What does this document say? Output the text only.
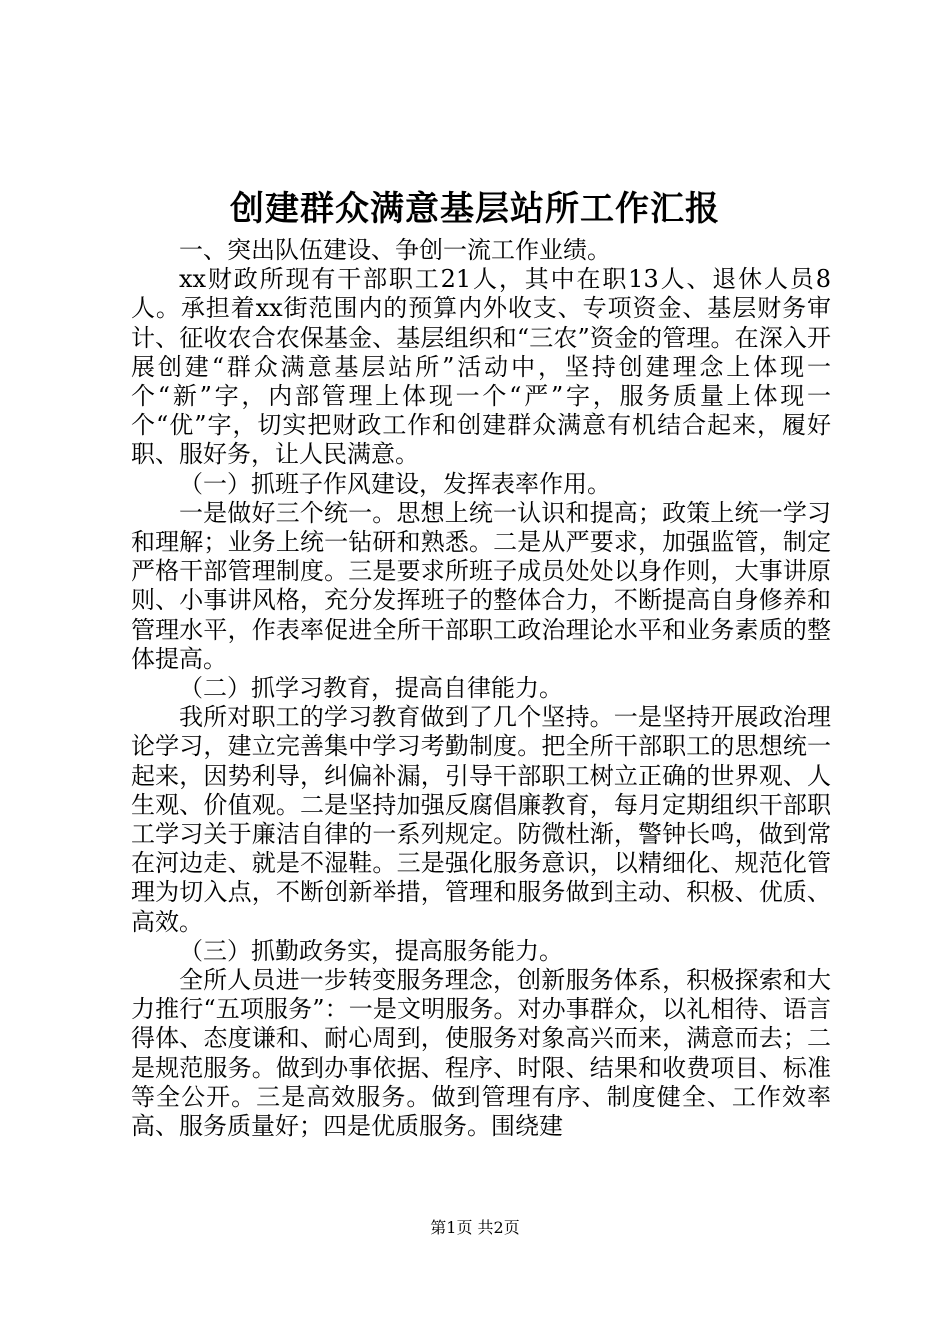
创建群众满意基层站所工作汇报

一、突出队伍建设、争创一流工作业绩。

xx财政所现有干部职工21人，其中在职13人、退休人员8人。承担着xx街范围内的预算内外收支、专项资金、基层财务审计、征收农合农保基金、基层组织和“三农”资金的管理。在深入开展创建“群众满意基层站所”活动中，坚持创建理念上体现一个“新”字，内部管理上体现一个“严”字，服务质量上体现一个“优”字，切实把财政工作和创建群众满意有机结合起来，履好职、服好务，让人民满意。

（一）抓班子作风建设，发挥表率作用。

一是做好三个统一。思想上统一认识和提高；政策上统一学习和理解；业务上统一钻研和熟悉。二是从严要求，加强监管，制定严格干部管理制度。三是要求所班子成员处处以身作则，大事讲原则、小事讲风格，充分发挥班子的整体合力，不断提高自身修养和管理水平，作表率促进全所干部职工政治理论水平和业务素质的整体提高。

（二）抓学习教育，提高自律能力。

我所对职工的学习教育做到了几个坚持。一是坚持开展政治理论学习，建立完善集中学习考勤制度。把全所干部职工的思想统一起来，因势利导，纠偏补漏，引导干部职工树立正确的世界观、人生观、价值观。二是坚持加强反腐倡廉教育，每月定期组织干部职工学习关于廉洁自律的一系列规定。防微杜渐，警钟长鸣，做到常在河边走、就是不湿鞋。三是强化服务意识，以精细化、规范化管理为切入点，不断创新举措，管理和服务做到主动、积极、优质、高效。

（三）抓勤政务实，提高服务能力。

全所人员进一步转变服务理念，创新服务体系，积极探索和大力推行“五项服务”：一是文明服务。对办事群众，以礼相待、语言得体、态度谦和、耐心周到，使服务对象高兴而来，满意而去；二是规范服务。做到办事依据、程序、时限、结果和收费项目、标准等全公开。三是高效服务。做到管理有序、制度健全、工作效率高、服务质量好；四是优质服务。围绕建

第1页 共2页
